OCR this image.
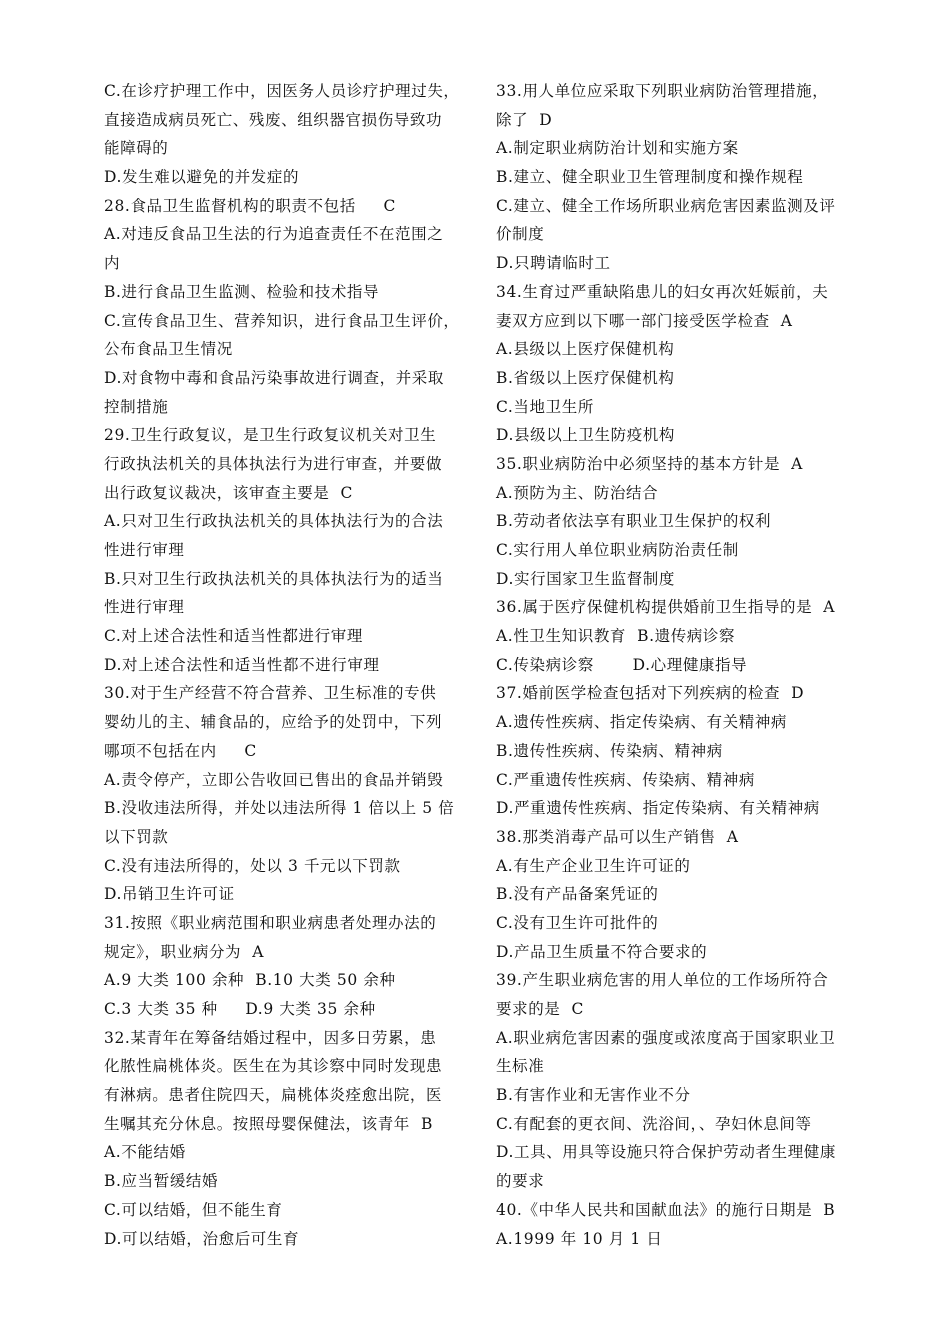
C.在诊疗护理工作中，因医务人员诊疗护理过失，
直接造成病员死亡、残废、组织器官损伤导致功
能障碍的
D.发生难以避免的并发症的
28.食品卫生监督机构的职责不包括     C
A.对违反食品卫生法的行为追查责任不在范围之
内
B.进行食品卫生监测、检验和技术指导
C.宣传食品卫生、营养知识，进行食品卫生评价，
公布食品卫生情况
D.对食物中毒和食品污染事故进行调查，并采取
控制措施
29.卫生行政复议，是卫生行政复议机关对卫生
行政执法机关的具体执法行为进行审查，并要做
出行政复议裁决，该审查主要是  C
A.只对卫生行政执法机关的具体执法行为的合法
性进行审理
B.只对卫生行政执法机关的具体执法行为的适当
性进行审理
C.对上述合法性和适当性都进行审理
D.对上述合法性和适当性都不进行审理
30.对于生产经营不符合营养、卫生标准的专供
婴幼儿的主、辅食品的，应给予的处罚中，下列
哪项不包括在内     C
A.责令停产，立即公告收回已售出的食品并销毁
B.没收违法所得，并处以违法所得 1 倍以上 5 倍
以下罚款
C.没有违法所得的，处以 3 千元以下罚款
D.吊销卫生许可证
31.按照《职业病范围和职业病患者处理办法的
规定》，职业病分为  A
A.9 大类 100 余种  B.10 大类 50 余种
C.3 大类 35 种     D.9 大类 35 余种
32.某青年在筹备结婚过程中，因多日劳累，患
化脓性扁桃体炎。医生在为其诊察中同时发现患
有淋病。患者住院四天，扁桃体炎痊愈出院，医
生嘱其充分休息。按照母婴保健法，该青年  B
A.不能结婚
B.应当暂缓结婚
C.可以结婚，但不能生育
D.可以结婚，治愈后可生育
33.用人单位应采取下列职业病防治管理措施，
除了  D
A.制定职业病防治计划和实施方案
B.建立、健全职业卫生管理制度和操作规程
C.建立、健全工作场所职业病危害因素监测及评
价制度
D.只聘请临时工
34.生育过严重缺陷患儿的妇女再次妊娠前，夫
妻双方应到以下哪一部门接受医学检查  A
A.县级以上医疗保健机构
B.省级以上医疗保健机构
C.当地卫生所
D.县级以上卫生防疫机构
35.职业病防治中必须坚持的基本方针是  A
A.预防为主、防治结合
B.劳动者依法享有职业卫生保护的权利
C.实行用人单位职业病防治责任制
D.实行国家卫生监督制度
36.属于医疗保健机构提供婚前卫生指导的是  A
A.性卫生知识教育  B.遗传病诊察
C.传染病诊察       D.心理健康指导
37.婚前医学检查包括对下列疾病的检查  D
A.遗传性疾病、指定传染病、有关精神病
B.遗传性疾病、传染病、精神病
C.严重遗传性疾病、传染病、精神病
D.严重遗传性疾病、指定传染病、有关精神病
38.那类消毒产品可以生产销售  A
A.有生产企业卫生许可证的
B.没有产品备案凭证的
C.没有卫生许可批件的
D.产品卫生质量不符合要求的
39.产生职业病危害的用人单位的工作场所符合
要求的是  C
A.职业病危害因素的强度或浓度高于国家职业卫
生标准
B.有害作业和无害作业不分
C.有配套的更衣间、洗浴间，、孕妇休息间等
D.工具、用具等设施只符合保护劳动者生理健康
的要求
40.《中华人民共和国献血法》的施行日期是  B
A.1999 年 10 月 1 日
